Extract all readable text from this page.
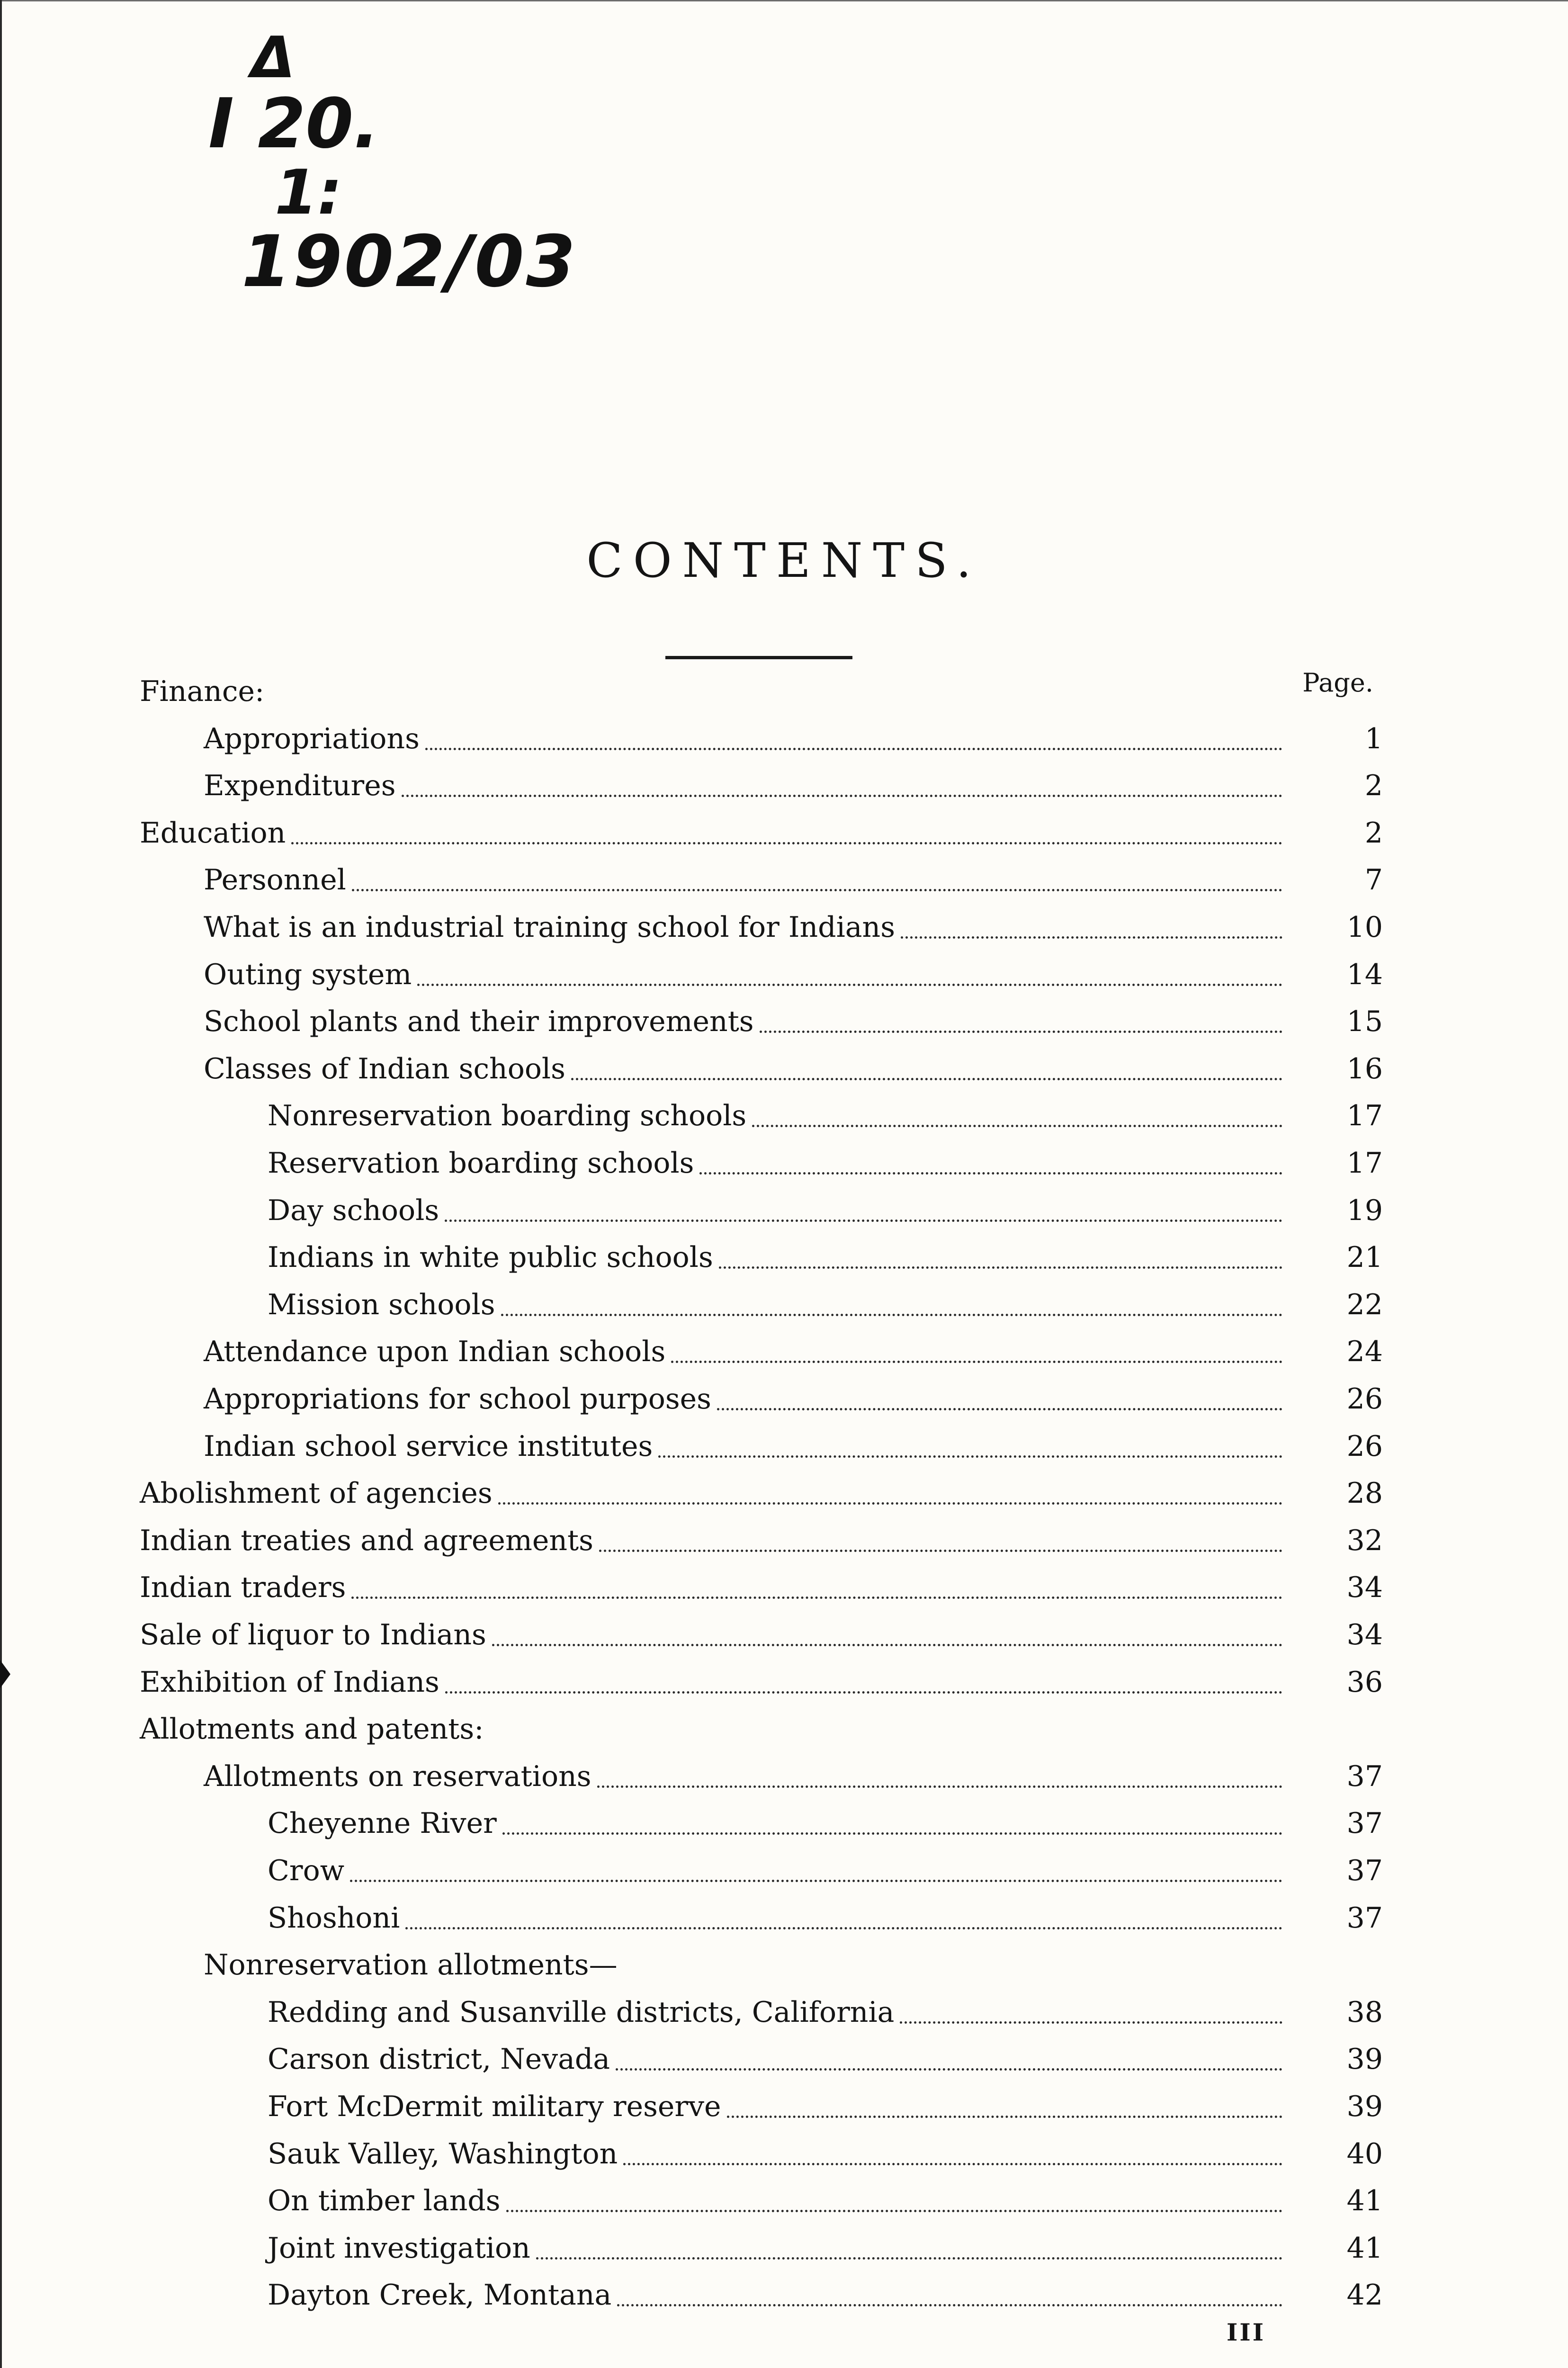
Δ
I 20.
1:
1902/03
CONTENTS.
Page.
Finance:
Appropriations	1
Expenditures	2
Education	2
Personnel	7
What is an industrial training school for Indians	10
Outing system	14
School plants and their improvements	15
Classes of Indian schools	16
Nonreservation boarding schools	17
Reservation boarding schools	17
Day schools	19
Indians in white public schools	21
Mission schools	22
Attendance upon Indian schools	24
Appropriations for school purposes	26
Indian school service institutes	26
Abolishment of agencies	28
Indian treaties and agreements	32
Indian traders	34
Sale of liquor to Indians	34
Exhibition of Indians	36
Allotments and patents:
Allotments on reservations	37
Cheyenne River	37
Crow	37
Shoshoni	37
Nonreservation allotments—
Redding and Susanville districts, California	38
Carson district, Nevada	39
Fort McDermit military reserve	39
Sauk Valley, Washington	40
On timber lands	41
Joint investigation	41
Dayton Creek, Montana	42
III
